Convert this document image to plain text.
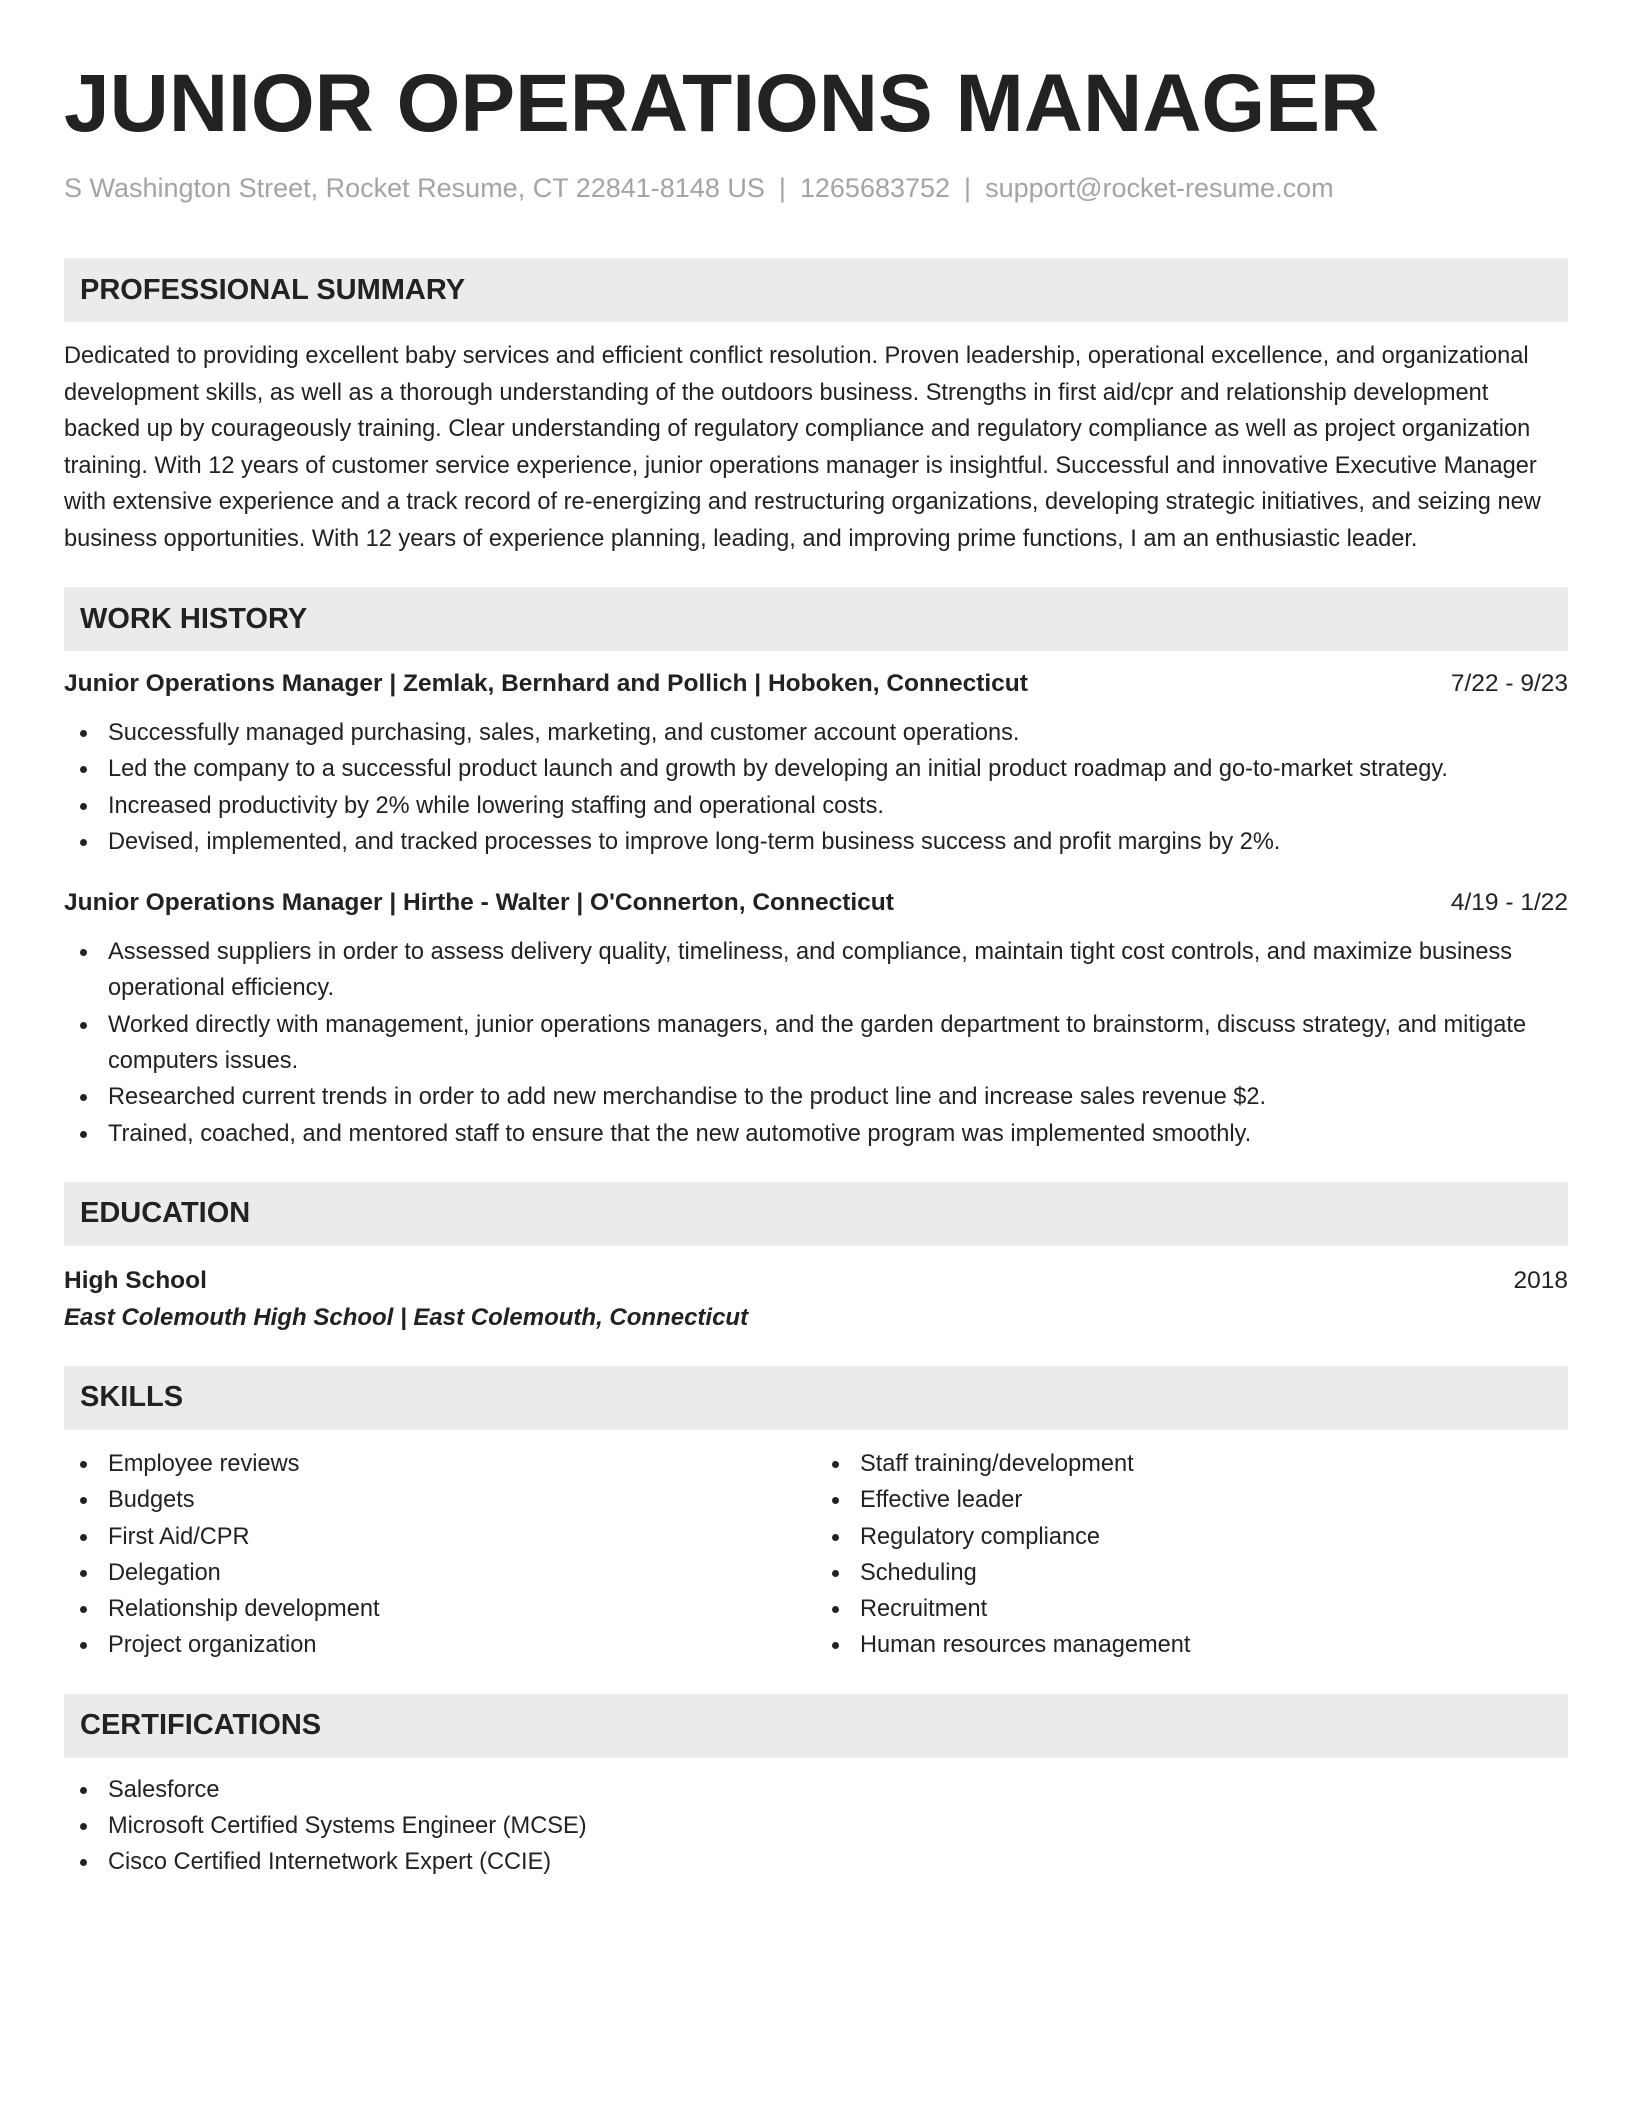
JUNIOR OPERATIONS MANAGER
S Washington Street, Rocket Resume, CT 22841-8148 US | 1265683752 | support@rocket-resume.com
PROFESSIONAL SUMMARY

Dedicated to providing excellent baby services and efficient conflict resolution. Proven leadership, operational excellence, and organizational development skills, as well as a thorough understanding of the outdoors business. Strengths in first aid/cpr and relationship development backed up by courageously training. Clear understanding of regulatory compliance and regulatory compliance as well as project organization training. With 12 years of customer service experience, junior operations manager is insightful. Successful and innovative Executive Manager with extensive experience and a track record of re-energizing and restructuring organizations, developing strategic initiatives, and seizing new business opportunities. With 12 years of experience planning, leading, and improving prime functions, I am an enthusiastic leader.

WORK HISTORY
Junior Operations Manager | Zemlak, Bernhard and Pollich | Hoboken, Connecticut	7/22 - 9/23
Successfully managed purchasing, sales, marketing, and customer account operations.
Led the company to a successful product launch and growth by developing an initial product roadmap and go-to-market strategy.
Increased productivity by 2% while lowering staffing and operational costs.
Devised, implemented, and tracked processes to improve long-term business success and profit margins by 2%.
Junior Operations Manager | Hirthe - Walter | O'Connerton, Connecticut	4/19 - 1/22
Assessed suppliers in order to assess delivery quality, timeliness, and compliance, maintain tight cost controls, and maximize business operational efficiency.
Worked directly with management, junior operations managers, and the garden department to brainstorm, discuss strategy, and mitigate computers issues.
Researched current trends in order to add new merchandise to the product line and increase sales revenue $2.
Trained, coached, and mentored staff to ensure that the new automotive program was implemented smoothly.
EDUCATION
High School	2018
East Colemouth High School | East Colemouth, Connecticut
SKILLS
Employee reviews
Budgets
First Aid/CPR
Delegation
Relationship development
Project organization
Staff training/development
Effective leader
Regulatory compliance
Scheduling
Recruitment
Human resources management
CERTIFICATIONS
Salesforce
Microsoft Certified Systems Engineer (MCSE)
Cisco Certified Internetwork Expert (CCIE)
